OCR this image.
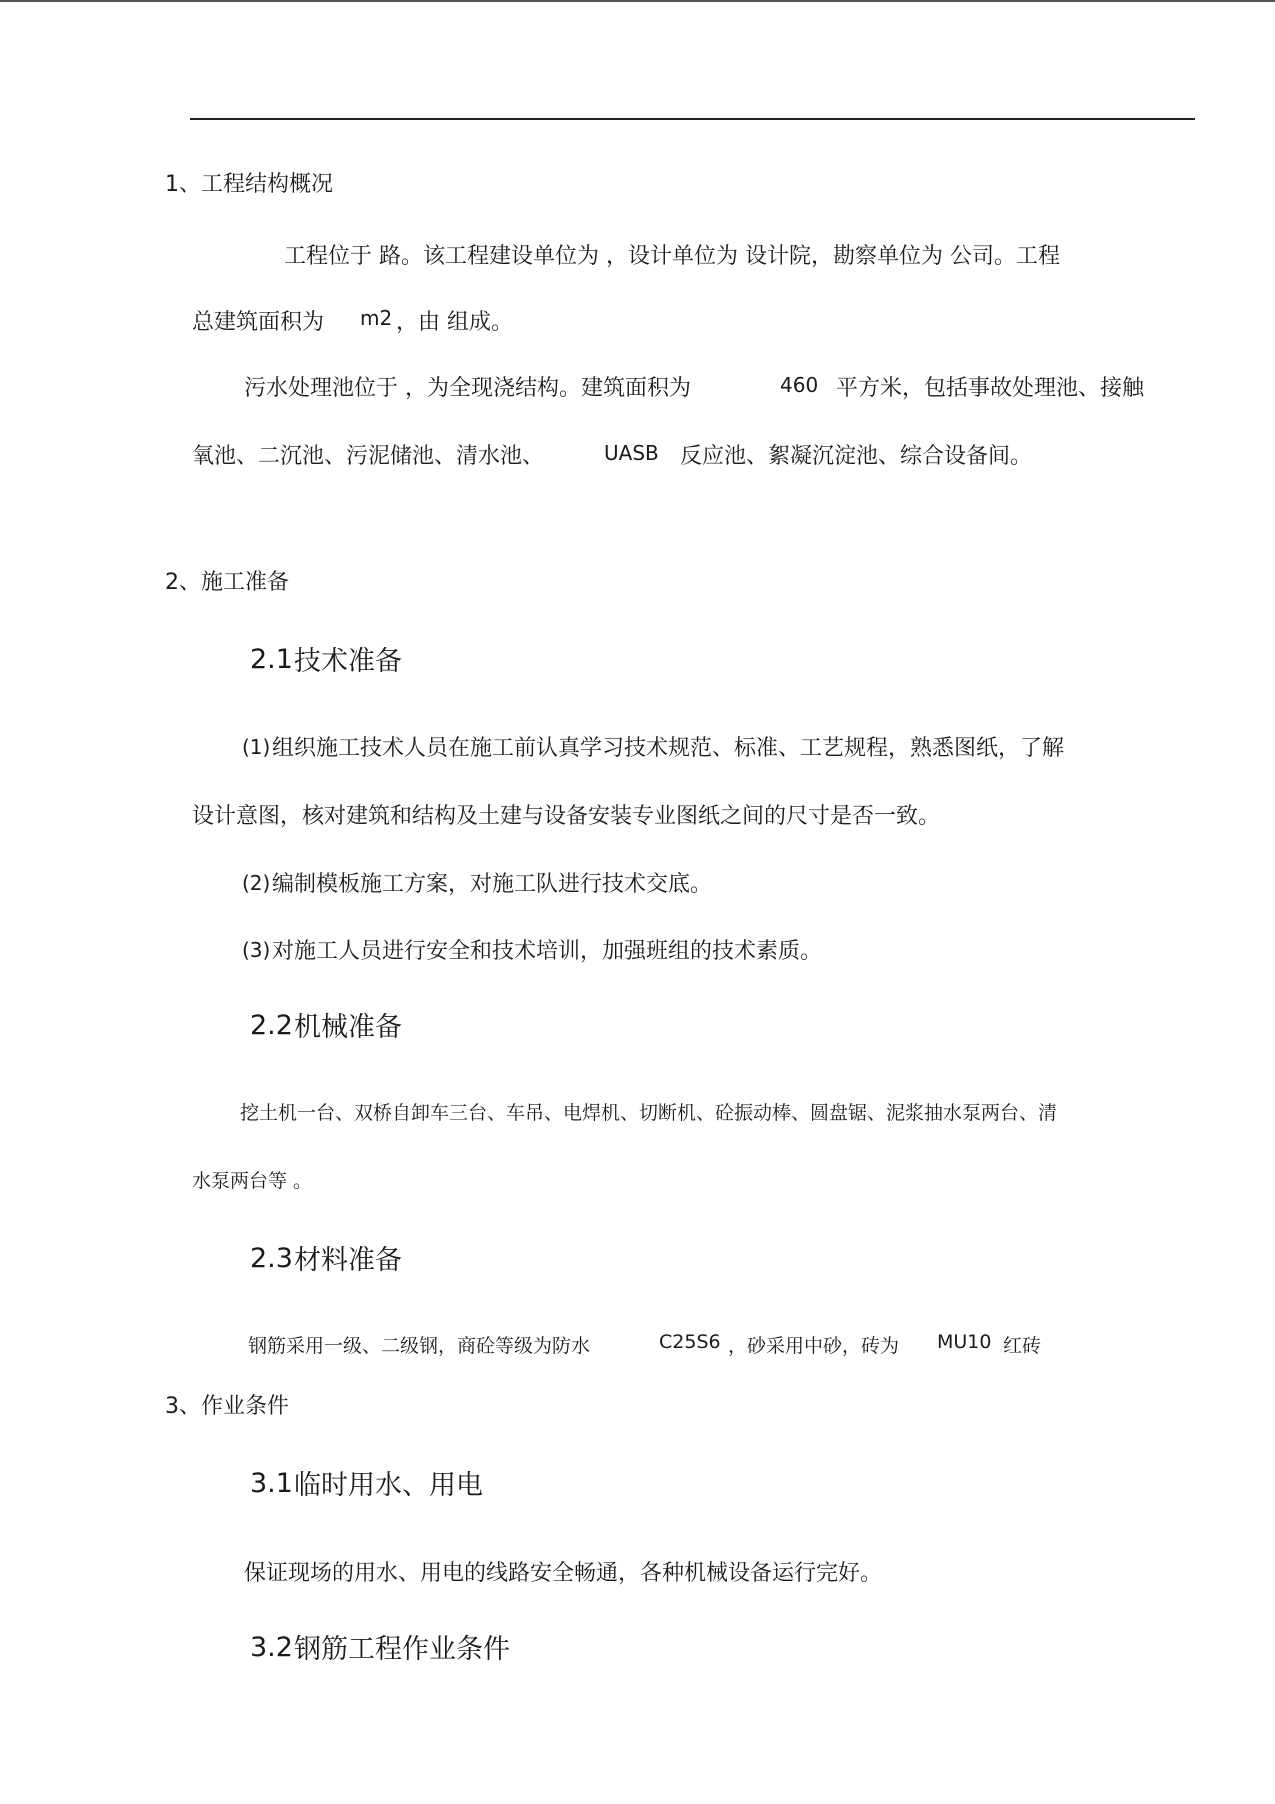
1、工程结构概况
工程位于 路。该工程建设单位为 ，设计单位为 设计院，勘察单位为 公司。工程
总建筑面积为 m2 ，由 组成。
污水处理池位于 ，为全现浇结构。建筑面积为	460 平方米，包括事故处理池、接触
氧池、二沉池、污泥储池、清水池、	UASB 反应池、絮凝沉淀池、综合设备间。
2、施工准备
2.1 技术准备
(1) 组织施工技术人员在施工前认真学习技术规范、标准、工艺规程，熟悉图纸，了解
设计意图，核对建筑和结构及土建与设备安装专业图纸之间的尺寸是否一致。
(2) 编制模板施工方案，对施工队进行技术交底。
(3) 对施工人员进行安全和技术培训，加强班组的技术素质。
2.2 机械准备
挖土机一台、双桥自卸车三台、车吊、电焊机、切断机、砼振动棒、圆盘锯、泥浆抽水泵两台、清
水泵两台等 。
2.3 材料准备
钢筋采用一级、二级钢，商砼等级为防水	C25S6 ，砂采用中砂，砖为 MU10 红砖
3、作业条件
3.1 临时用水、用电
保证现场的用水、用电的线路安全畅通，各种机械设备运行完好。
3.2 钢筋工程作业条件
